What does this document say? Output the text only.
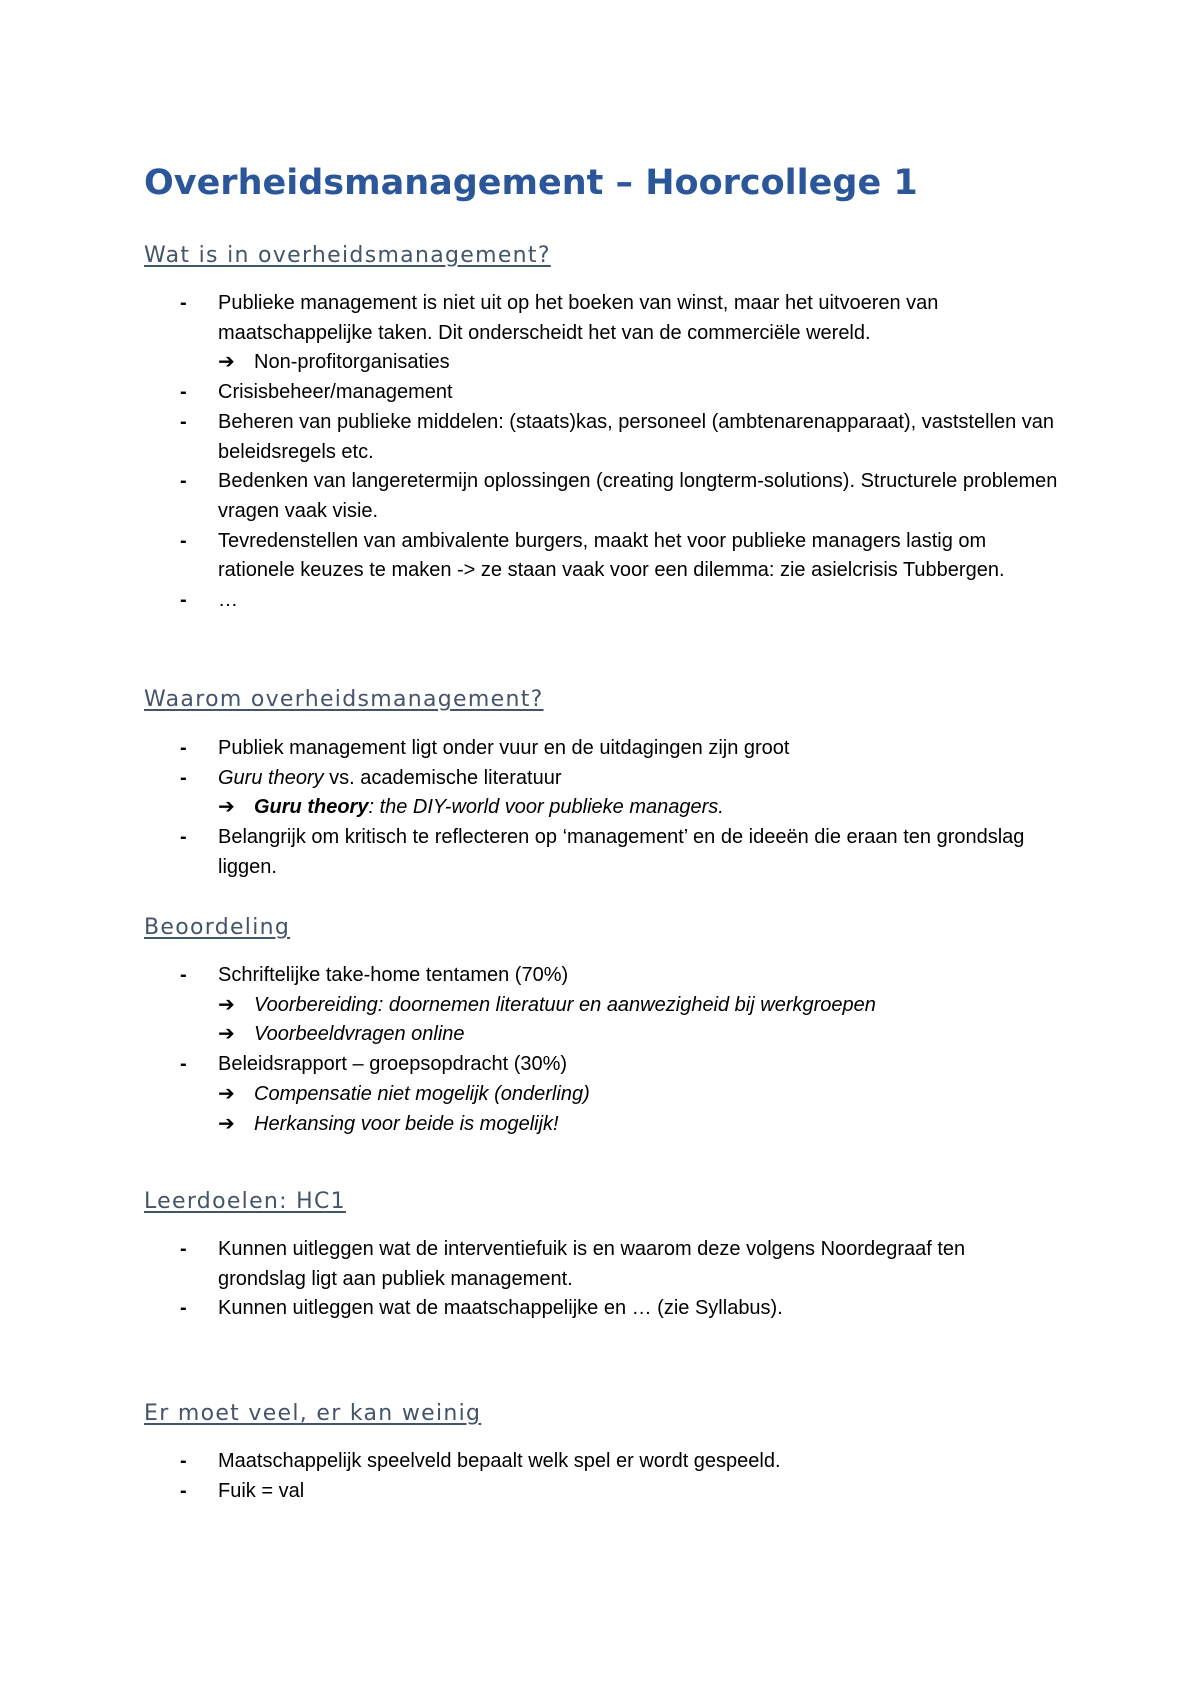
Overheidsmanagement – Hoorcollege 1
Wat is in overheidsmanagement?
- Publieke management is niet uit op het boeken van winst, maar het uitvoeren van maatschappelijke taken. Dit onderscheidt het van de commerciële wereld.
➔ Non-profitorganisaties
- Crisisbeheer/management
- Beheren van publieke middelen: (staats)kas, personeel (ambtenarenapparaat), vaststellen van beleidsregels etc.
- Bedenken van langeretermijn oplossingen (creating longterm-solutions). Structurele problemen vragen vaak visie.
- Tevredenstellen van ambivalente burgers, maakt het voor publieke managers lastig om rationele keuzes te maken -> ze staan vaak voor een dilemma: zie asielcrisis Tubbergen.
- …
Waarom overheidsmanagement?
- Publiek management ligt onder vuur en de uitdagingen zijn groot
- Guru theory vs. academische literatuur
➔ Guru theory: the DIY-world voor publieke managers.
- Belangrijk om kritisch te reflecteren op ‘management’ en de ideeën die eraan ten grondslag liggen.
Beoordeling
- Schriftelijke take-home tentamen (70%)
➔ Voorbereiding: doornemen literatuur en aanwezigheid bij werkgroepen
➔ Voorbeeldvragen online
- Beleidsrapport – groepsopdracht (30%)
➔ Compensatie niet mogelijk (onderling)
➔ Herkansing voor beide is mogelijk!
Leerdoelen: HC1
- Kunnen uitleggen wat de interventiefuik is en waarom deze volgens Noordegraaf ten grondslag ligt aan publiek management.
- Kunnen uitleggen wat de maatschappelijke en … (zie Syllabus).
Er moet veel, er kan weinig
- Maatschappelijk speelveld bepaalt welk spel er wordt gespeeld.
- Fuik = val
